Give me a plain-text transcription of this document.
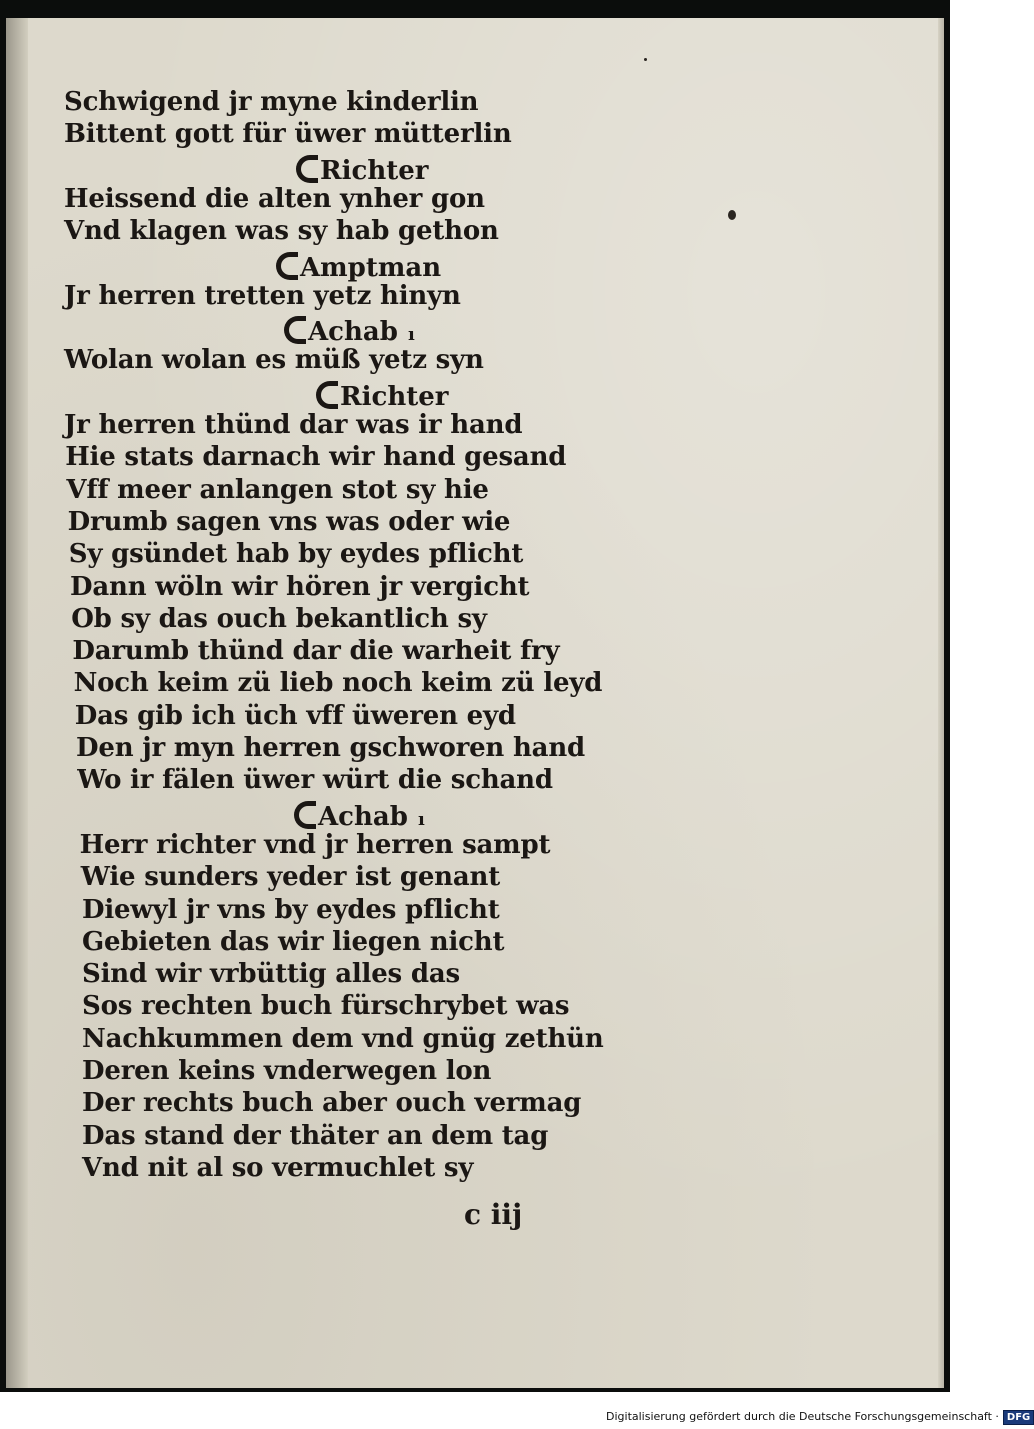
Schwigend jr myne kinderlin
Bittent gott für üwer mütterlin
Richter
Heissend die alten ynher gon
Vnd klagen was sy hab gethon
Amptman
Jr herren tretten yetz hinyn
Achab ı
Wolan wolan es müß yetz syn
Richter
Jr herren thünd dar was ir hand
Hie stats darnach wir hand gesand
Vff meer anlangen stot sy hie
Drumb sagen vns was oder wie
Sy gsündet hab by eydes pflicht
Dann wöln wir hören jr vergicht
Ob sy das ouch bekantlich sy
Darumb thünd dar die warheit fry
Noch keim zü lieb noch keim zü leyd
Das gib ich üch vff üweren eyd
Den jr myn herren gschworen hand
Wo ir fälen üwer würt die schand
Achab ı
Herr richter vnd jr herren sampt
Wie sunders yeder ist genant
Diewyl jr vns by eydes pflicht
Gebieten das wir liegen nicht
Sind wir vrbüttig alles das
Sos rechten buch fürschrybet was
Nachkummen dem vnd gnüg zethün
Deren keins vnderwegen lon
Der rechts buch aber ouch vermag
Das stand der thäter an dem tag
Vnd nit al so vermuchlet sy
c iij
Digitalisierung gefördert durch die Deutsche Forschungsgemeinschaft · DFG
